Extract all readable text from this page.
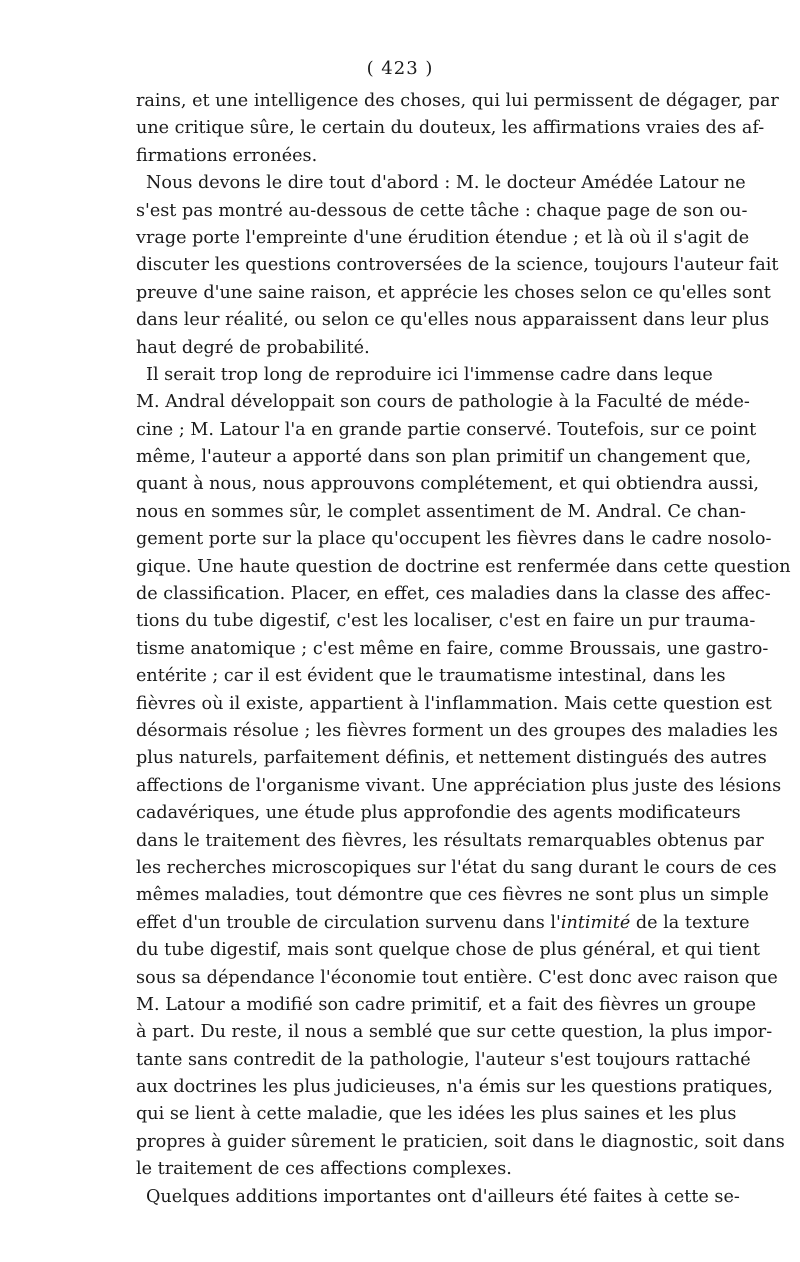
( 423 )
rains, et une intelligence des choses, qui lui permissent de dégager, par
une critique sûre, le certain du douteux, les affirmations vraies des af-
firmations erronées.
Nous devons le dire tout d'abord : M. le docteur Amédée Latour ne
s'est pas montré au-dessous de cette tâche : chaque page de son ou-
vrage porte l'empreinte d'une érudition étendue ; et là où il s'agit de
discuter les questions controversées de la science, toujours l'auteur fait
preuve d'une saine raison, et apprécie les choses selon ce qu'elles sont
dans leur réalité, ou selon ce qu'elles nous apparaissent dans leur plus
haut degré de probabilité.
Il serait trop long de reproduire ici l'immense cadre dans leque
M. Andral développait son cours de pathologie à la Faculté de méde-
cine ; M. Latour l'a en grande partie conservé. Toutefois, sur ce point
même, l'auteur a apporté dans son plan primitif un changement que,
quant à nous, nous approuvons complétement, et qui obtiendra aussi,
nous en sommes sûr, le complet assentiment de M. Andral. Ce chan-
gement porte sur la place qu'occupent les fièvres dans le cadre nosolo-
gique. Une haute question de doctrine est renfermée dans cette question
de classification. Placer, en effet, ces maladies dans la classe des affec-
tions du tube digestif, c'est les localiser, c'est en faire un pur trauma-
tisme anatomique ; c'est même en faire, comme Broussais, une gastro-
entérite ; car il est évident que le traumatisme intestinal, dans les
fièvres où il existe, appartient à l'inflammation. Mais cette question est
désormais résolue ; les fièvres forment un des groupes des maladies les
plus naturels, parfaitement définis, et nettement distingués des autres
affections de l'organisme vivant. Une appréciation plus juste des lésions
cadavériques, une étude plus approfondie des agents modificateurs
dans le traitement des fièvres, les résultats remarquables obtenus par
les recherches microscopiques sur l'état du sang durant le cours de ces
mêmes maladies, tout démontre que ces fièvres ne sont plus un simple
effet d'un trouble de circulation survenu dans l'intimité de la texture
du tube digestif, mais sont quelque chose de plus général, et qui tient
sous sa dépendance l'économie tout entière. C'est donc avec raison que
M. Latour a modifié son cadre primitif, et a fait des fièvres un groupe
à part. Du reste, il nous a semblé que sur cette question, la plus impor-
tante sans contredit de la pathologie, l'auteur s'est toujours rattaché
aux doctrines les plus judicieuses, n'a émis sur les questions pratiques,
qui se lient à cette maladie, que les idées les plus saines et les plus
propres à guider sûrement le praticien, soit dans le diagnostic, soit dans
le traitement de ces affections complexes.
Quelques additions importantes ont d'ailleurs été faites à cette se-
